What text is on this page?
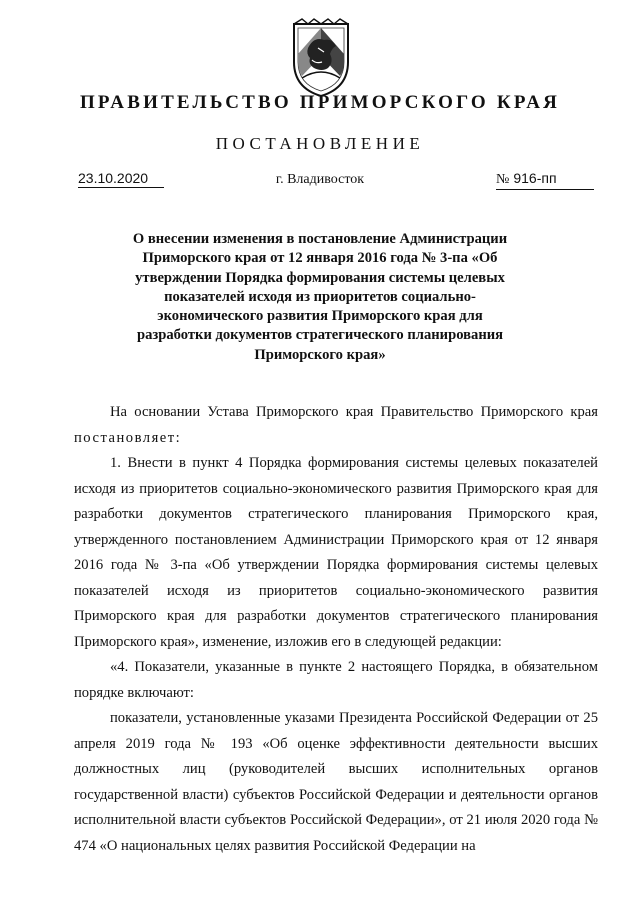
ПРАВИТЕЛЬСТВО ПРИМОРСКОГО КРАЯ
ПОСТАНОВЛЕНИЕ
23.10.2020	г. Владивосток	№ 916-пп
О внесении изменения в постановление Администрации Приморского края от 12 января 2016 года № 3-па «Об утверждении Порядка формирования системы целевых показателей исходя из приоритетов социально-экономического развития Приморского края для разработки документов стратегического планирования Приморского края»

На основании Устава Приморского края Правительство Приморского края постановляет:

1. Внести в пункт 4 Порядка формирования системы целевых показателей исходя из приоритетов социально-экономического развития Приморского края для разработки документов стратегического планирования Приморского края, утвержденного постановлением Администрации Приморского края от 12 января 2016 года № 3-па «Об утверждении Порядка формирования системы целевых показателей исходя из приоритетов социально-экономического развития Приморского края для разработки документов стратегического планирования Приморского края», изменение, изложив его в следующей редакции:

«4. Показатели, указанные в пункте 2 настоящего Порядка, в обязательном порядке включают:

показатели, установленные указами Президента Российской Федерации от 25 апреля 2019 года № 193 «Об оценке эффективности деятельности высших должностных лиц (руководителей высших исполнительных органов государственной власти) субъектов Российской Федерации и деятельности органов исполнительной власти субъектов Российской Федерации», от 21 июля 2020 года № 474 «О национальных целях развития Российской Федерации на
